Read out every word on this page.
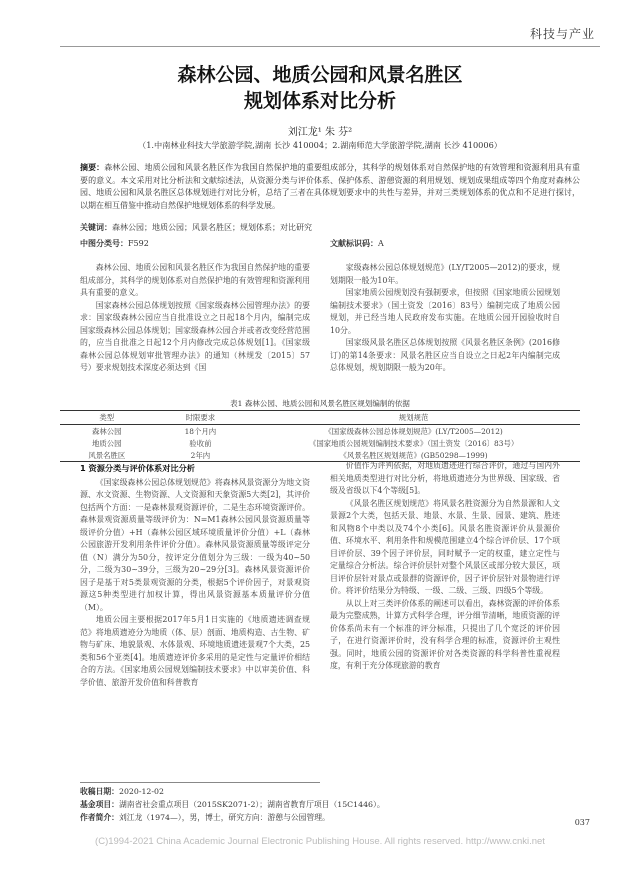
科技与产业
森林公园、地质公园和风景名胜区
规划体系对比分析
刘江龙¹ 朱 芬²
（1.中南林业科技大学旅游学院,湖南 长沙 410004；2.湖南师范大学旅游学院,湖南 长沙 410006）
摘要：森林公园、地质公园和风景名胜区作为我国自然保护地的重要组成部分，其科学的规划体系对自然保护地的有效管理和资源利用具有重要的意义。本文采用对比分析法和文献综述法，从资源分类与评价体系、保护体系、游憩资源的利用规划、规划成果组成等四个角度对森林公园、地质公园和风景名胜区总体规划进行对比分析，总结了三者在具体规划要求中的共性与差异，并对三类规划体系的优点和不足进行探讨，以期在相互借鉴中推动自然保护地规划体系的科学发展。
关键词：森林公园；地质公园；风景名胜区；规划体系；对比研究
中图分类号：F592	文献标识码：A

森林公园、地质公园和风景名胜区作为我国自然保护地的重要组成部分，其科学的规划体系对自然保护地的有效管理和资源利用具有重要的意义。

国家森林公园总体规划按照《国家级森林公园管理办法》的要求：国家级森林公园应当自批准设立之日起18个月内，编制完成国家级森林公园总体规划；国家级森林公园合并或者改变经营范围的，应当自批准之日起12个月内修改完成总体规划[1]。《国家级森林公园总体规划审批管理办法》的通知（林规发〔2015〕57号）要求规划技术深度必须达到《国

家级森林公园总体规划规范》(LY/T2005—2012)的要求，规划期限一般为10年。

国家地质公园规划没有强制要求，但按照《国家地质公园规划编制技术要求》（国土资发〔2016〕83号）编制完成了地质公园规划，并已经当地人民政府发布实施。在地质公园开园验收时自10分。

国家级风景名胜区总体规划按照《风景名胜区条例》(2016修订)的第14条要求：风景名胜区应当自设立之日起2年内编制完成总体规划，规划期限一般为20年。

表1 森林公园、地质公园和风景名胜区规划编制的依据
类型	时限要求	规划规范
森林公园	18个月内	《国家级森林公园总体规划规范》(LY/T2005—2012)
地质公园	验收前	《国家地质公园规划编制技术要求》（国土资发〔2016〕83号）
风景名胜区	2年内	《风景名胜区规划规范》(GB50298—1999)
1 资源分类与评价体系对比分析

《国家级森林公园总体规划规范》将森林风景资源分为地文资源、水文资源、生物资源、人文资源和天象资源5大类[2]，其评价包括两个方面：一是森林景观资源评价，二是生态环境资源评价。森林景观资源质量等级评价为：N=M1森林公园风景资源质量等级评价分值）+H（森林公园区域环境质量评价分值）+L（森林公园旅游开发利用条件评价分值）。森林风景资源质量等级评定分值（N）满分为50分，按评定分值划分为三级：一级为40~50分，二级为30~39分，三级为20~29分[3]。森林风景资源评价因子是基于对5类景观资源的分类，根据5个评价因子，对景观资源这5种类型进行加权计算，得出风景资源基本质量评价分值（M）。

地质公园主要根据2017年5月1日实施的《地质遗迹调查规范》将地质遗迹分为地质（体、层）剖面、地质构造、古生物、矿物与矿床、地貌景观、水体景观、环境地质遗迹景观7个大类，25类和56个亚类[4]。地质遗迹评价多采用的是定性与定量评价相结合的方法。《国家地质公园规划编制技术要求》中以审美价值、科学价值、旅游开发价值和科普教育

价值作为评判依据，对地质遗迹进行综合评价，通过与国内外相关地质类型进行对比分析，将地质遗迹分为世界级、国家级、省级及省级以下4个等级[5]。

《风景名胜区规划规范》将风景名胜资源分为自然景源和人文景源2个大类，包括天景、地景、水景、生景、园景、建筑、胜迹和风物8个中类以及74个小类[6]。风景名胜资源评价从景源价值、环境水平、利用条件和规模范围建立4个综合评价层、17个项目评价层、39个因子评价层，同时赋予一定的权重，建立定性与定量综合分析法。综合评价层针对整个风景区或部分较大景区，项目评价层针对景点或景群的资源评价，因子评价层针对景物进行评价。将评价结果分为特级、一级、二级、三级、四级5个等级。

从以上对三类评价体系的阐述可以看出，森林资源的评价体系最为完整成熟，计算方式科学合理，评分细节清晰，地质资源的评价体系尚未有一个标准的评分标准，只提出了几个宽泛的评价因子，在进行资源评价时，没有科学合理的标准，资源评价主观性强。同时，地质公园的资源评价对各类资源的科学科普性重视程度，有利于充分体现旅游的教育

收稿日期：2020-12-02
基金项目：湖南省社会重点项目（2015SK2071-2）；湖南省教育厅项目（15C1446）。
作者简介：刘江龙（1974—），男，博士，研究方向：游憩与公园管理。
037
(C)1994-2021 China Academic Journal Electronic Publishing House. All rights reserved. http://www.cnki.net
